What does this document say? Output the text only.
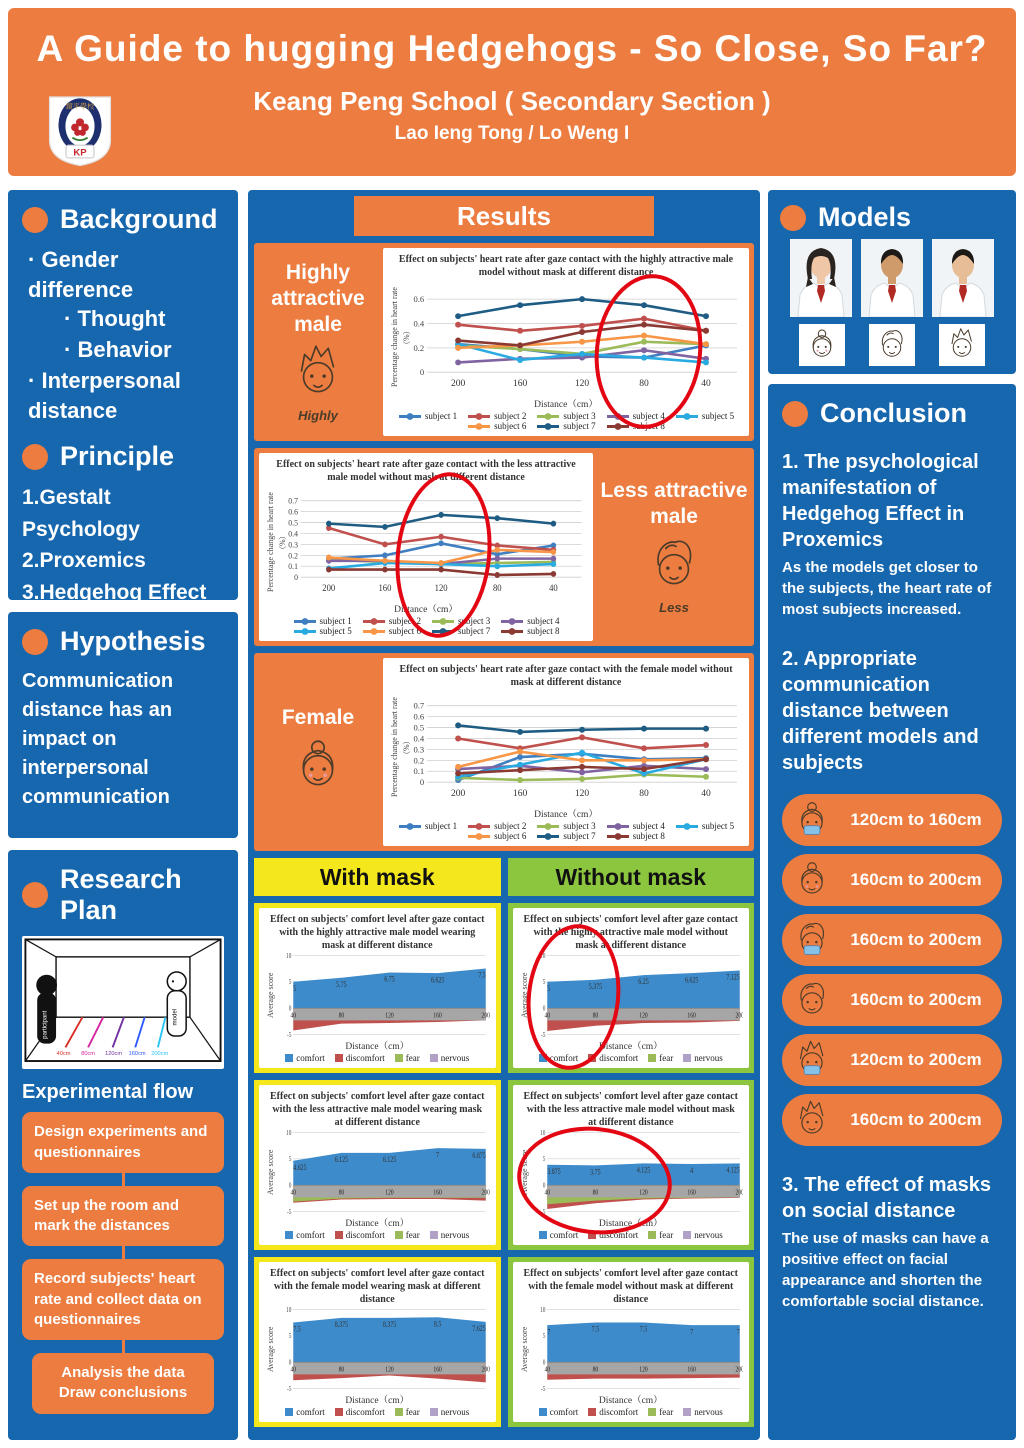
鏡平學校
KP
A Guide to hugging Hedgehogs - So Close, So Far?
Keang Peng School ( Secondary Section )
Lao Ieng Tong / Lo Weng I
Background
· Gender difference
· Thought
· Behavior
· Interpersonal distance
Principle
1.Gestalt Psychology
2.Proxemics
3.Hedgehog Effect
Hypothesis
Communication distance has an impact on interpersonal communication
Research Plan
40cm 80cm 120cm 160cm 200cm
participant	model
Experimental flow
Design experiments and questionnaires
Set up the room and mark the distances
Record subjects' heart rate and collect data on questionnaires
Analysis the data Draw conclusions
Results
Highly attractive male
Highly
Effect on subjects' heart rate after gaze contact with the highly attractive male model without mask at different distance
Percentage change in heart rate（%）
0
0.2
0.4
0.6
200	160	120	80	40
Distance（cm）
subject 1	subject 2	subject 3	subject 4	subject 5
subject 6	subject 7	subject 8
Effect on subjects' heart rate after gaze contact with the less attractive male model without mask at different distance
Percentage change in heart rate（%）
0
0.1
0.2
0.3
0.4
0.5
0.6
0.7
200	160	120	80	40
Distance（cm）
subject 1	subject 2	subject 3	subject 4
subject 5	subject 6	subject 7	subject 8
Less attractive male
Less
Female
Effect on subjects' heart rate after gaze contact with the female model without mask at different distance
Percentage change in heart rate（%）
0
0.1
0.2
0.3
0.4
0.5
0.6
0.7
200	160	120	80	40
Distance（cm）
subject 1	subject 2	subject 3	subject 4	subject 5
subject 6	subject 7	subject 8
With mask	Without mask
Effect on subjects' comfort level after gaze contact with the highly attractive male model wearing mask at different distance
Average score
10
5
0
-5
40	80	120	160	200
5	5.75
6.75	6.625
7.5
Distance（cm）
comfort discomfort fear nervous
Effect on subjects' comfort level after gaze contact with the highly attractive male model without mask at different distance
Average score
10
5
0
-5
40	80	120	160	200
5	5.375
6.25	6.625	7.125
Distance（cm）
comfort discomfort fear nervous
Effect on subjects' comfort level after gaze contact with the less attractive male model wearing mask at different distance
Average score
10
5
0
-5
40	80	120	160	200
4.625
6.125	6.125
7	6.875
Distance（cm）
comfort discomfort fear nervous
Effect on subjects' comfort level after gaze contact with the less attractive male model without mask at different distance
Average score
10
5
0
-5
40	80	120	160	200
3.875	3.75	4.125	4	4.125
Distance（cm）
comfort discomfort fear nervous
Effect on subjects' comfort level after gaze contact with the female model wearing mask at different distance
Average score
10
5
0
-5
40	80	120	160	200
7.5
8.375	8.375	8.5
7.625
Distance（cm）
comfort discomfort fear nervous
Effect on subjects' comfort level after gaze contact with the female model without mask at different distance
Average score
10
5
0
-5
40	80	120	160	200
7	7.5	7.5	7	7
Distance（cm）
comfort discomfort fear nervous
Models
Conclusion
1. The psychological manifestation of Hedgehog Effect in Proxemics
As the models get closer to the subjects, the heart rate of most subjects increased.
2. Appropriate communication distance between different models and subjects
120cm to 160cm
160cm to 200cm
160cm to 200cm
160cm to 200cm
120cm to 200cm
160cm to 200cm
3. The effect of masks on social distance
The use of masks can have a positive effect on facial appearance and shorten the comfortable social distance.
